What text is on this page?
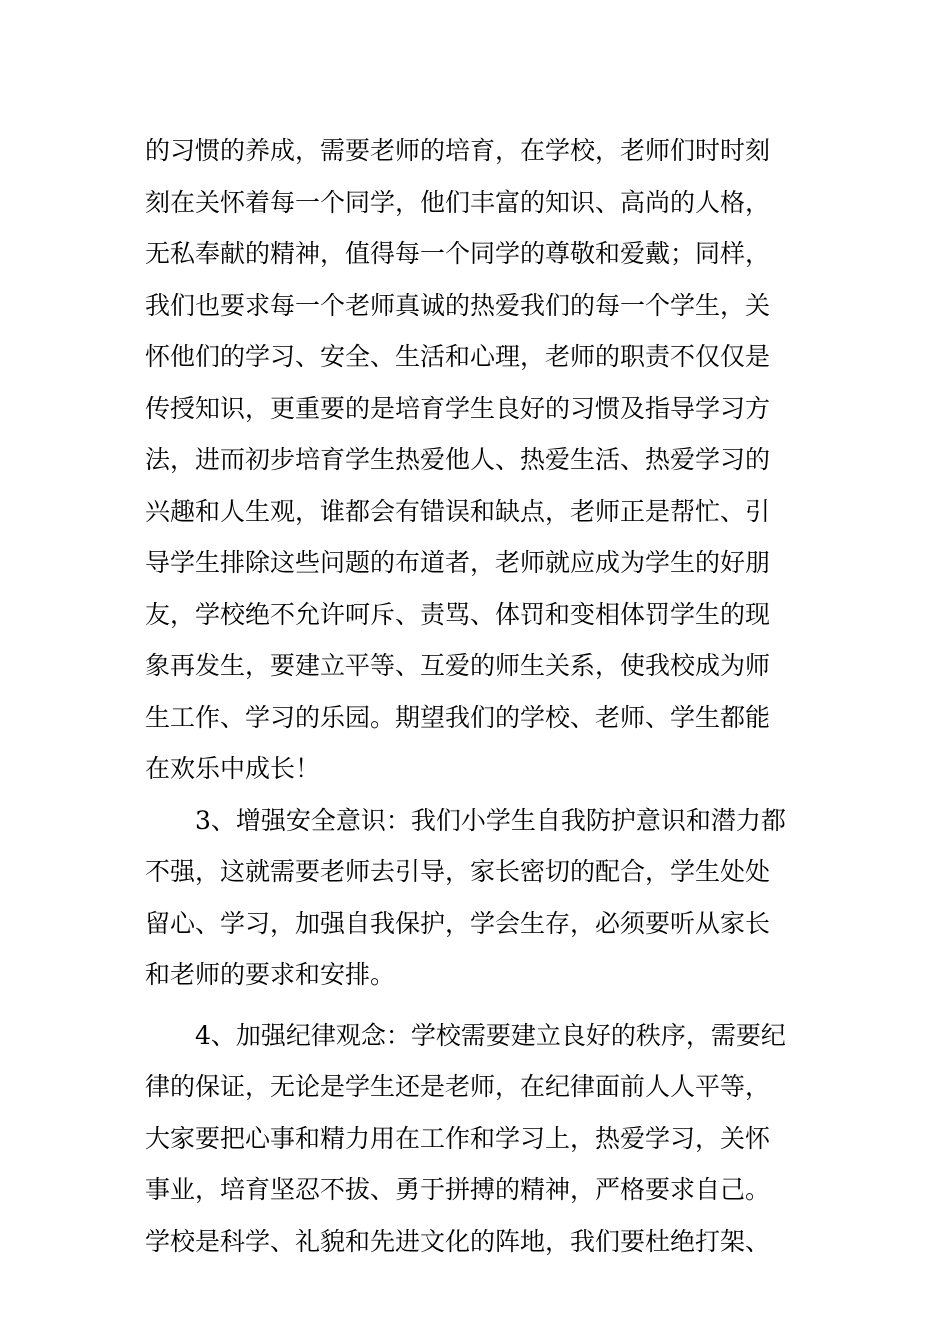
的习惯的养成，需要老师的培育，在学校，老师们时时刻
刻在关怀着每一个同学，他们丰富的知识、高尚的人格，
无私奉献的精神，值得每一个同学的尊敬和爱戴；同样，
我们也要求每一个老师真诚的热爱我们的每一个学生，关
怀他们的学习、安全、生活和心理，老师的职责不仅仅是
传授知识，更重要的是培育学生良好的习惯及指导学习方
法，进而初步培育学生热爱他人、热爱生活、热爱学习的
兴趣和人生观，谁都会有错误和缺点，老师正是帮忙、引
导学生排除这些问题的布道者，老师就应成为学生的好朋
友，学校绝不允许呵斥、责骂、体罚和变相体罚学生的现
象再发生，要建立平等、互爱的师生关系，使我校成为师
生工作、学习的乐园。期望我们的学校、老师、学生都能
在欢乐中成长！
3、增强安全意识：我们小学生自我防护意识和潜力都
不强，这就需要老师去引导，家长密切的配合，学生处处
留心、学习，加强自我保护，学会生存，必须要听从家长
和老师的要求和安排。
4、加强纪律观念：学校需要建立良好的秩序，需要纪
律的保证，无论是学生还是老师，在纪律面前人人平等，
大家要把心事和精力用在工作和学习上，热爱学习，关怀
事业，培育坚忍不拔、勇于拼搏的精神，严格要求自己。
学校是科学、礼貌和先进文化的阵地，我们要杜绝打架、
